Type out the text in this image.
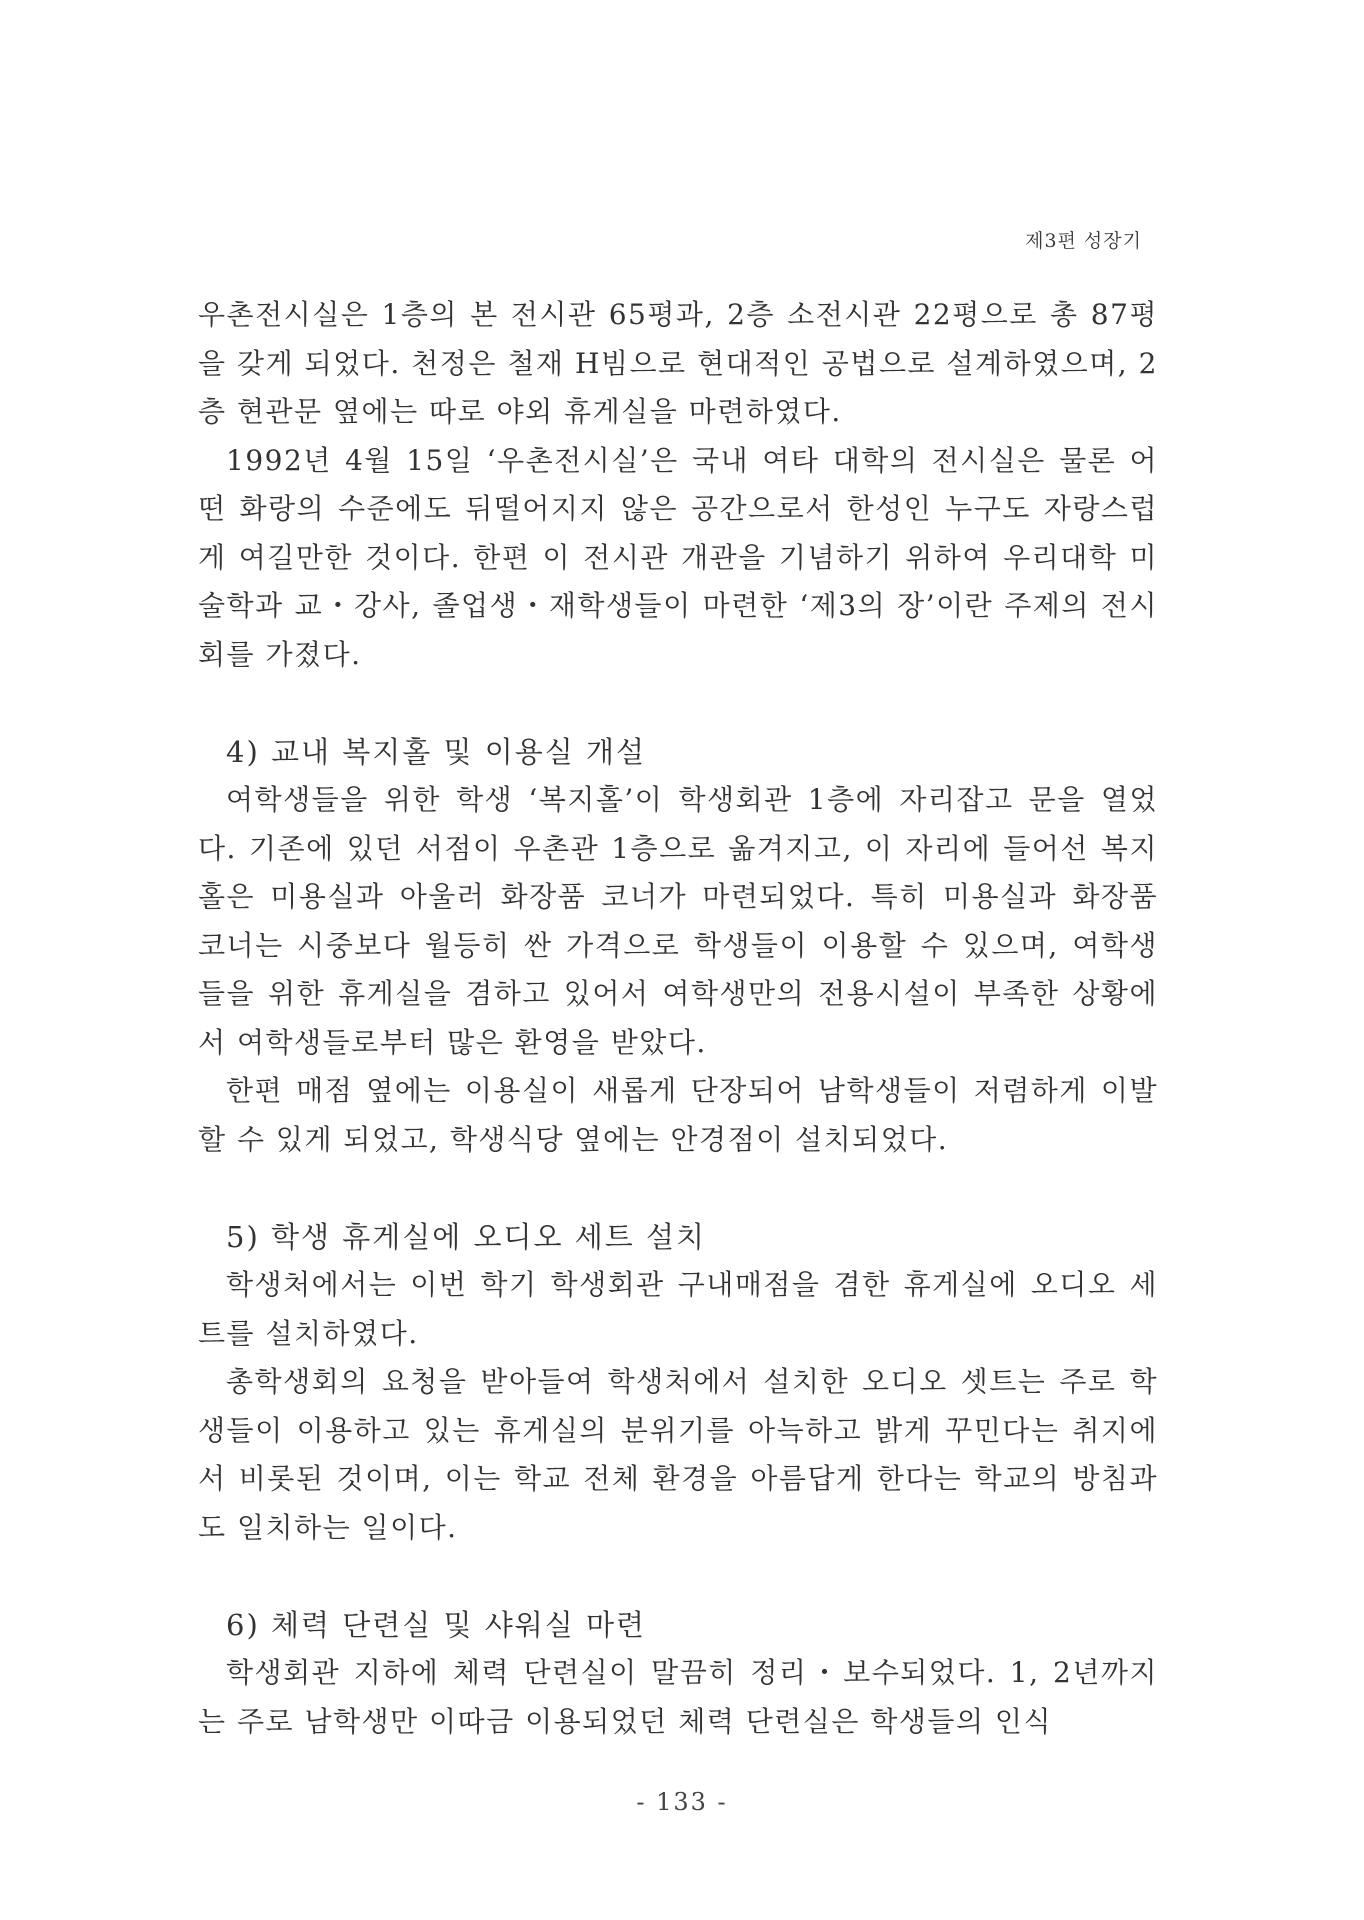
제3편 성장기

우촌전시실은 1층의 본 전시관 65평과, 2층 소전시관 22평으로 총 87평을 갖게 되었다. 천정은 철재 H빔으로 현대적인 공법으로 설계하였으며, 2층 현관문 옆에는 따로 야외 휴게실을 마련하였다.

1992년 4월 15일 ‘우촌전시실’은 국내 여타 대학의 전시실은 물론 어떤 화랑의 수준에도 뒤떨어지지 않은 공간으로서 한성인 누구도 자랑스럽게 여길만한 것이다. 한편 이 전시관 개관을 기념하기 위하여 우리대학 미술학과 교・강사, 졸업생・재학생들이 마련한 ‘제3의 장’이란 주제의 전시회를 가졌다.

4) 교내 복지홀 및 이용실 개설

여학생들을 위한 학생 ‘복지홀’이 학생회관 1층에 자리잡고 문을 열었다. 기존에 있던 서점이 우촌관 1층으로 옮겨지고, 이 자리에 들어선 복지홀은 미용실과 아울러 화장품 코너가 마련되었다. 특히 미용실과 화장품 코너는 시중보다 월등히 싼 가격으로 학생들이 이용할 수 있으며, 여학생들을 위한 휴게실을 겸하고 있어서 여학생만의 전용시설이 부족한 상황에서 여학생들로부터 많은 환영을 받았다.

한편 매점 옆에는 이용실이 새롭게 단장되어 남학생들이 저렴하게 이발할 수 있게 되었고, 학생식당 옆에는 안경점이 설치되었다.

5) 학생 휴게실에 오디오 세트 설치

학생처에서는 이번 학기 학생회관 구내매점을 겸한 휴게실에 오디오 세트를 설치하였다.

총학생회의 요청을 받아들여 학생처에서 설치한 오디오 셋트는 주로 학생들이 이용하고 있는 휴게실의 분위기를 아늑하고 밝게 꾸민다는 취지에서 비롯된 것이며, 이는 학교 전체 환경을 아름답게 한다는 학교의 방침과도 일치하는 일이다.

6) 체력 단련실 및 샤워실 마련

학생회관 지하에 체력 단련실이 말끔히 정리・보수되었다. 1, 2년까지는 주로 남학생만 이따금 이용되었던 체력 단련실은 학생들의 인식

- 133 -
